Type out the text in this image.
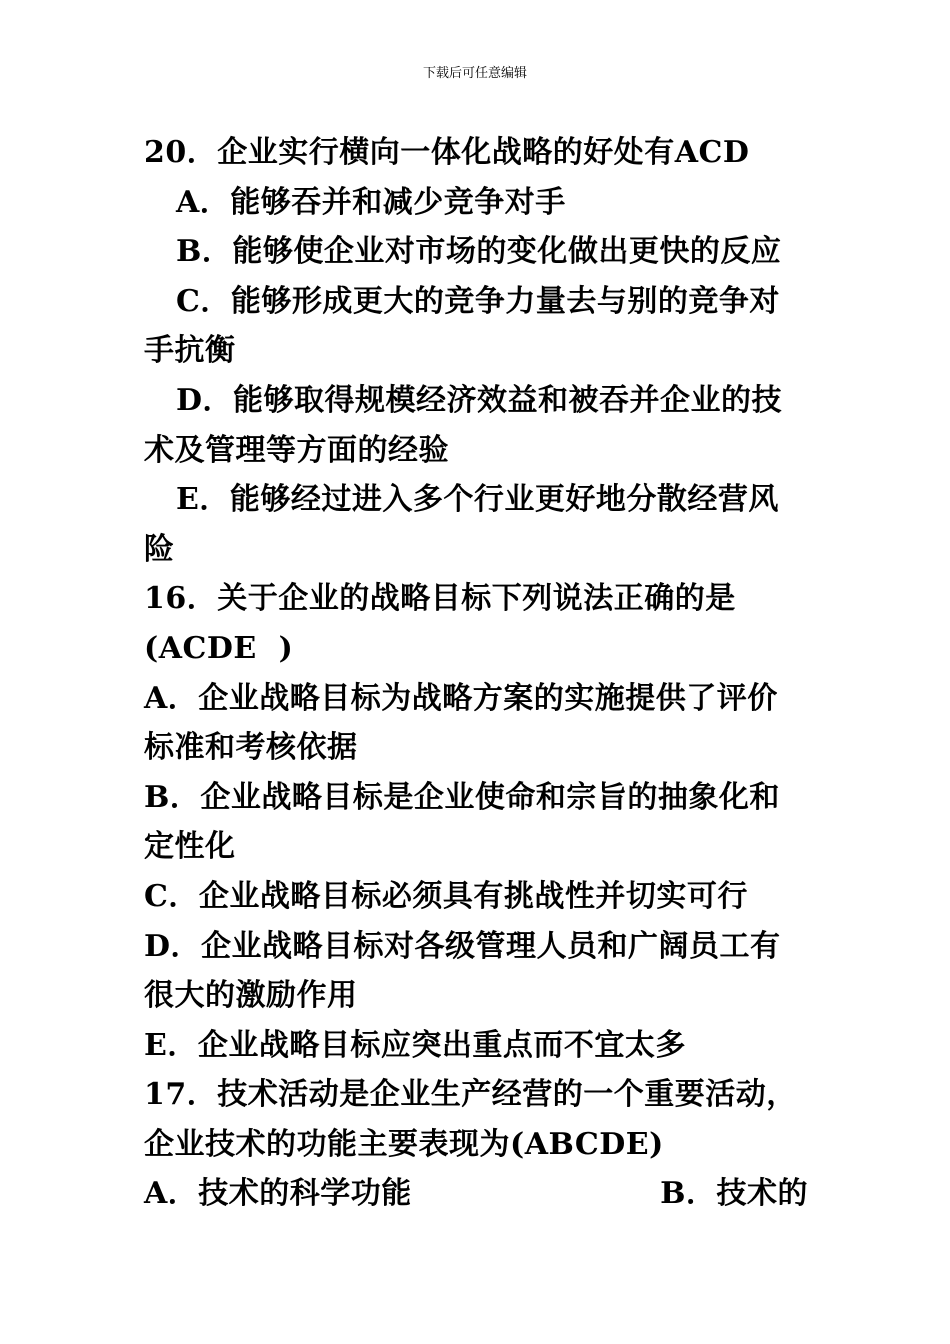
下载后可任意编辑
20．企业实行横向一体化战略的好处有ACD
A．能够吞并和减少竞争对手
B．能够使企业对市场的变化做出更快的反应
C．能够形成更大的竞争力量去与别的竞争对
手抗衡
D．能够取得规模经济效益和被吞并企业的技
术及管理等方面的经验
E．能够经过进入多个行业更好地分散经营风
险
16．关于企业的战略目标下列说法正确的是
(ACDE  )
A．企业战略目标为战略方案的实施提供了评价
标准和考核依据
B．企业战略目标是企业使命和宗旨的抽象化和
定性化
C．企业战略目标必须具有挑战性并切实可行
D．企业战略目标对各级管理人员和广阔员工有
很大的激励作用
E．企业战略目标应突出重点而不宜太多
17．技术活动是企业生产经营的一个重要活动，
企业技术的功能主要表现为(ABCDE)
A．技术的科学功能	B．技术的
